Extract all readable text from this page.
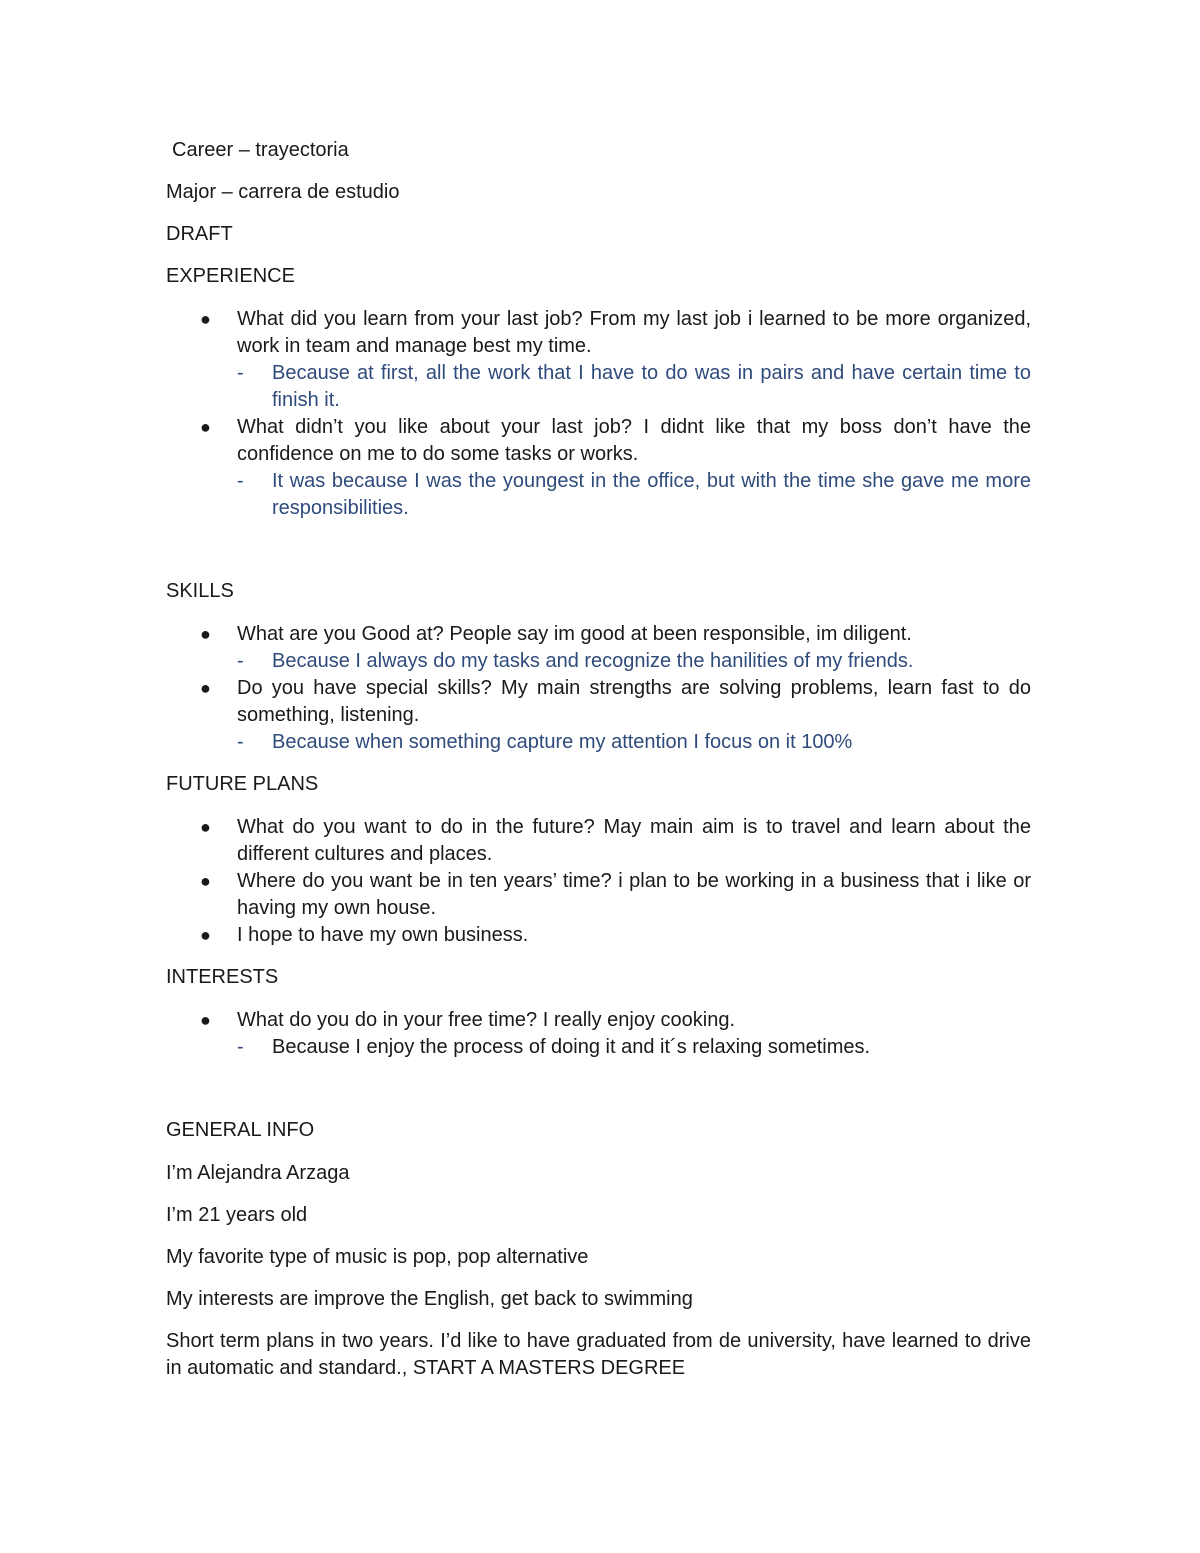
Career – trayectoria

Major – carrera de estudio

DRAFT

EXPERIENCE

● What did you learn from your last job? From my last job i learned to be more organized, work in team and manage best my time.
- Because at first, all the work that I have to do was in pairs and have certain time to finish it.
● What didn’t you like about your last job? I didnt like that my boss don’t have the confidence on me to do some tasks or works.
- It was because I was the youngest in the office, but with the time she gave me more responsibilities.

SKILLS

● What are you Good at? People say im good at been responsible, im diligent.
- Because I always do my tasks and recognize the hanilities of my friends.
● Do you have special skills? My main strengths are solving problems, learn fast to do something, listening.
- Because when something capture my attention I focus on it 100%

FUTURE PLANS

● What do you want to do in the future? May main aim is to travel and learn about the different cultures and places.
● Where do you want be in ten years’ time? i plan to be working in a business that i like or having my own house.
● I hope to have my own business.

INTERESTS

● What do you do in your free time? I really enjoy cooking.
- Because I enjoy the process of doing it and it´s relaxing sometimes.

GENERAL INFO

I’m Alejandra Arzaga

I’m 21 years old

My favorite type of music is pop, pop alternative

My interests are improve the English, get back to swimming

Short term plans in two years. I’d like to have graduated from de university, have learned to drive in automatic and standard., START A MASTERS DEGREE
